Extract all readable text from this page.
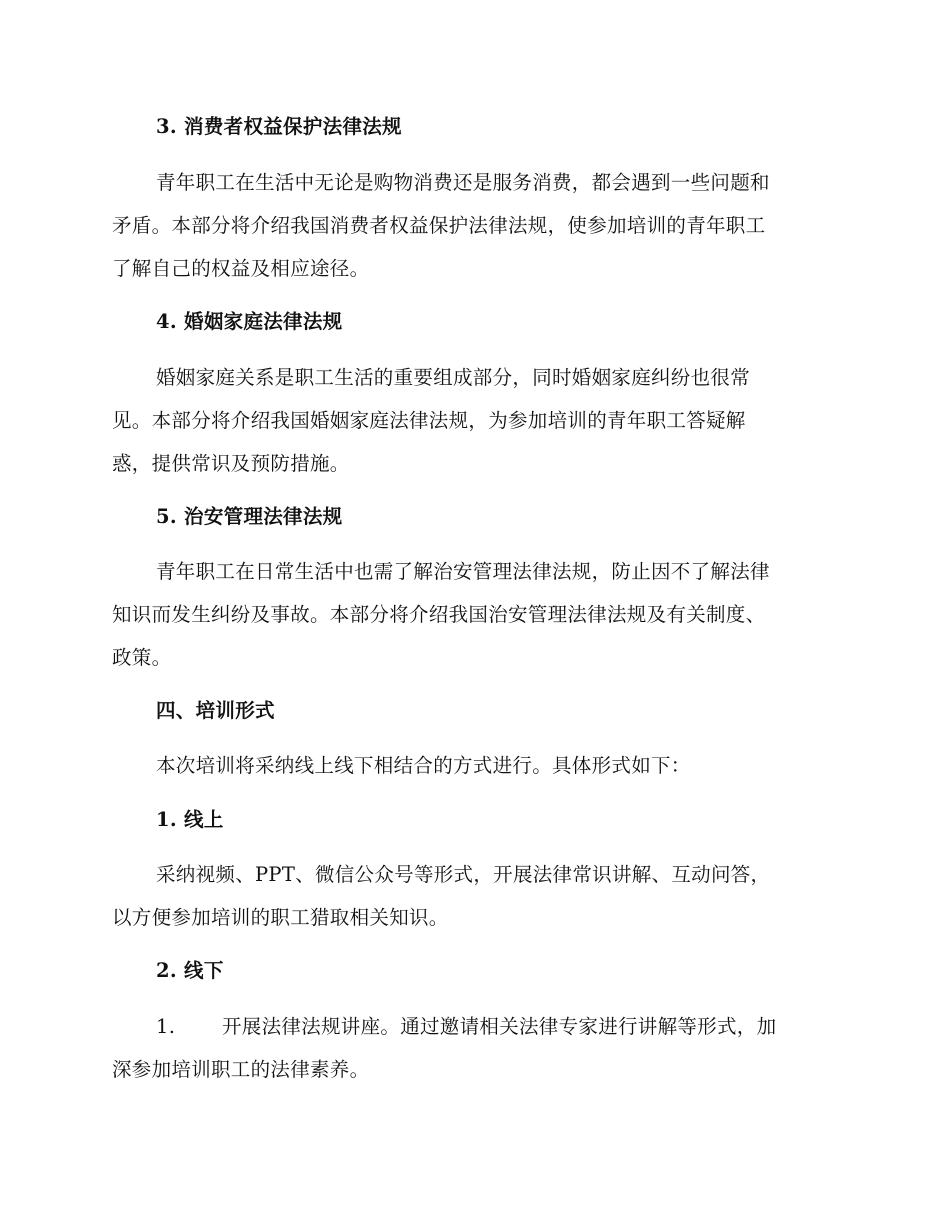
3. 消费者权益保护法律法规
青年职工在生活中无论是购物消费还是服务消费，都会遇到一些问题和
矛盾。本部分将介绍我国消费者权益保护法律法规，使参加培训的青年职工
了解自己的权益及相应途径。
4. 婚姻家庭法律法规
婚姻家庭关系是职工生活的重要组成部分，同时婚姻家庭纠纷也很常
见。本部分将介绍我国婚姻家庭法律法规，为参加培训的青年职工答疑解
惑，提供常识及预防措施。
5. 治安管理法律法规
青年职工在日常生活中也需了解治安管理法律法规，防止因不了解法律
知识而发生纠纷及事故。本部分将介绍我国治安管理法律法规及有关制度、
政策。
四、培训形式
本次培训将采纳线上线下相结合的方式进行。具体形式如下：
1. 线上
采纳视频、PPT、微信公众号等形式，开展法律常识讲解、互动问答，
以方便参加培训的职工猎取相关知识。
2. 线下
1. 开展法律法规讲座。通过邀请相关法律专家进行讲解等形式，加
深参加培训职工的法律素养。
